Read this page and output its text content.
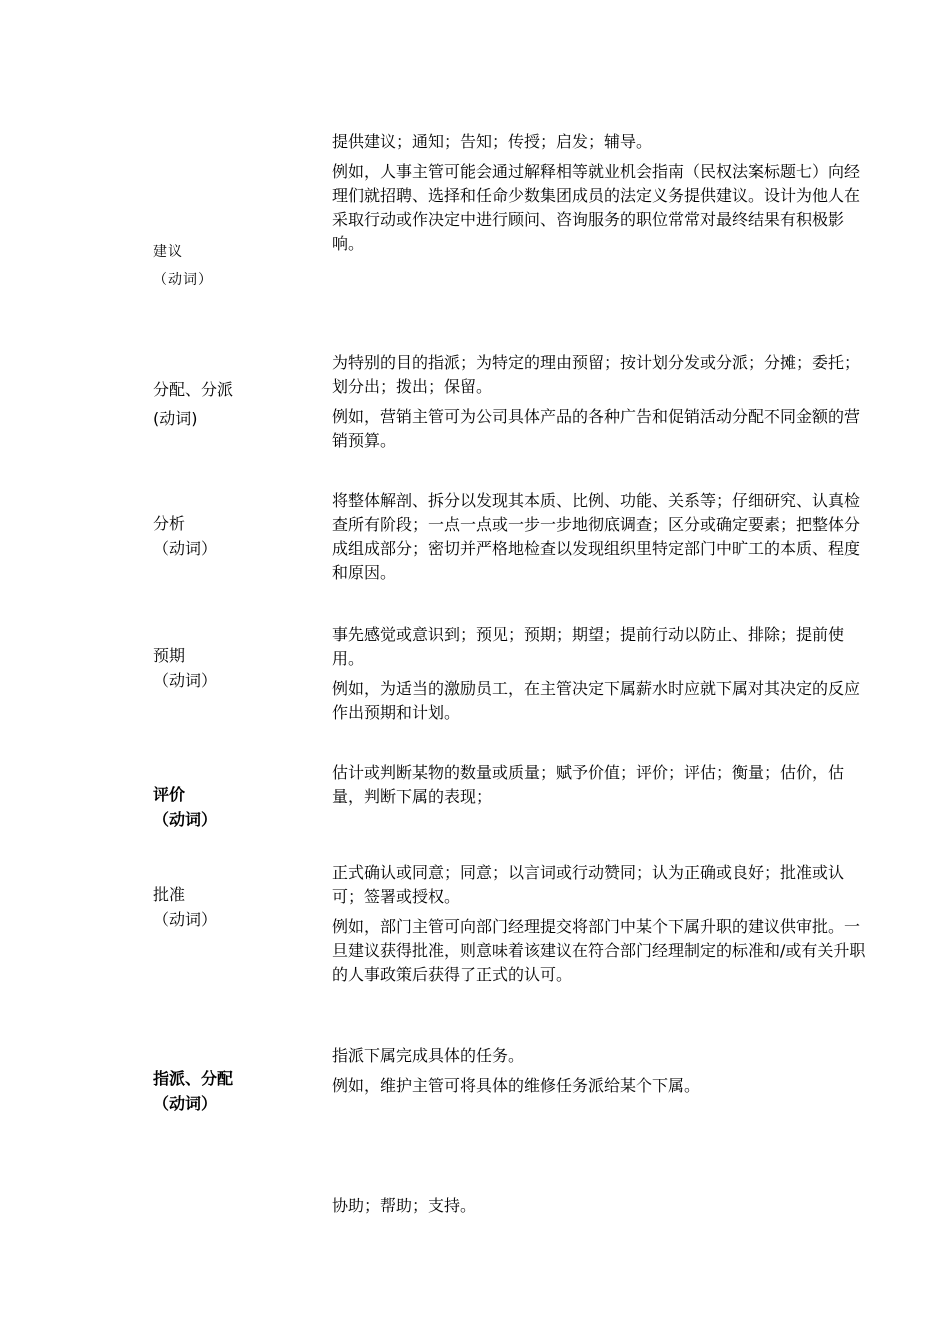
建议
（动词）

提供建议；通知；告知；传授；启发；辅导。

例如，人事主管可能会通过解释相等就业机会指南（民权法案标题七）向经理们就招聘、选择和任命少数集团成员的法定义务提供建议。设计为他人在采取行动或作决定中进行顾问、咨询服务的职位常常对最终结果有积极影响。

分配、分派
(动词)

为特别的目的指派；为特定的理由预留；按计划分发或分派；分摊；委托；划分出；拨出；保留。

例如，营销主管可为公司具体产品的各种广告和促销活动分配不同金额的营销预算。

分析
（动词）

将整体解剖、拆分以发现其本质、比例、功能、关系等；仔细研究、认真检查所有阶段；一点一点或一步一步地彻底调查；区分或确定要素；把整体分成组成部分；密切并严格地检查以发现组织里特定部门中旷工的本质、程度和原因。

预期
（动词）

事先感觉或意识到；预见；预期；期望；提前行动以防止、排除；提前使用。

例如，为适当的激励员工，在主管决定下属薪水时应就下属对其决定的反应作出预期和计划。

评价
（动词）

估计或判断某物的数量或质量；赋予价值；评价；评估；衡量；估价，估量，判断下属的表现；

批准
（动词）

正式确认或同意；同意；以言词或行动赞同；认为正确或良好；批准或认可；签署或授权。

例如，部门主管可向部门经理提交将部门中某个下属升职的建议供审批。一旦建议获得批准，则意味着该建议在符合部门经理制定的标准和/或有关升职的人事政策后获得了正式的认可。

指派、分配
（动词）

指派下属完成具体的任务。

例如，维护主管可将具体的维修任务派给某个下属。

协助；帮助；支持。
